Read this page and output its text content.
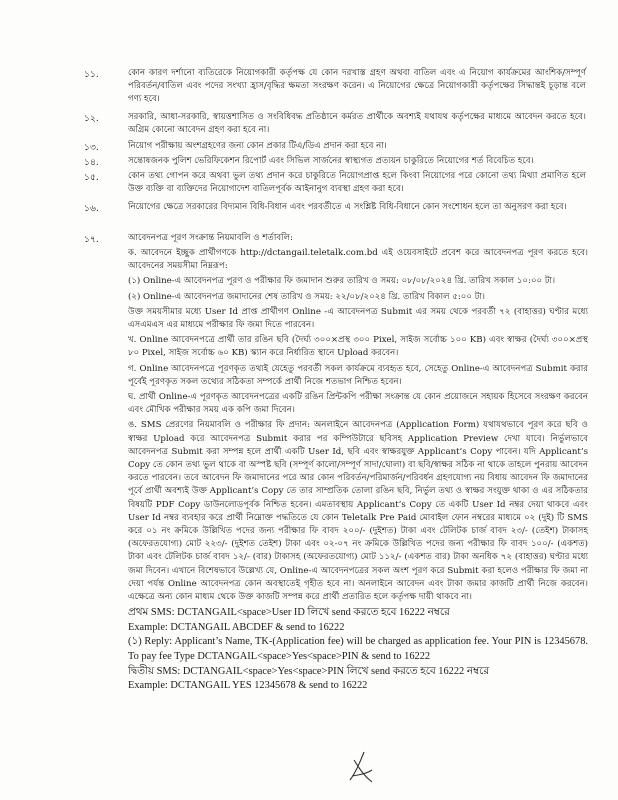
১১.	কোন কারণ দর্শানো ব্যতিরেকে নিয়োগকারী কর্তৃপক্ষ যে কোন দরখাস্ত গ্রহণ অথবা বাতিল এবং এ নিয়োগ কার্যক্রমের আংশিক/সম্পূর্ণ পরিবর্তন/বাতিল এবং পদের সংখ্যা হ্রাস/বৃদ্ধির ক্ষমতা সংরক্ষণ করেন। এ নিয়োগের ক্ষেত্রে নিয়োগকারী কর্তৃপক্ষের সিদ্ধান্তই চূড়ান্ত বলে গণ্য হবে।
১২.	সরকারি, আধা-সরকারি, স্বায়ত্তশাসিত ও সংবিধিবদ্ধ প্রতিষ্ঠানে কর্মরত প্রার্থীকে অবশ্যই যথাযথ কর্তৃপক্ষের মাধ্যমে আবেদন করতে হবে। অগ্রিম কোনো আবেদন গ্রহণ করা হবে না।
১৩.	নিয়োগ পরীক্ষায় অংশগ্রহণের জন্য কোন প্রকার টিএ/ডিএ প্রদান করা হবে না।
১৪.	সন্তোষজনক পুলিশ ভেরিফিকেশন রিপোর্ট এবং সিভিল সার্জনের স্বাস্থ্যগত প্রত্যয়ন চাকুরিতে নিয়োগের শর্ত বিবেচিত হবে।
১৫.	কোন তথ্য গোপন করে অথবা ভুল তথ্য প্রদান করে চাকুরিতে নিয়োগপ্রাপ্ত হলে কিংবা নিয়োগের পরে কোনো তথ্য মিথ্যা প্রমাণিত হলে উক্ত ব্যক্তি বা ব্যক্তিদের নিয়োগাদেশ বাতিলপূর্বক আইনানুগ ব্যবস্থা গ্রহণ করা হবে।
১৬.	নিয়োগের ক্ষেত্রে সরকারের বিদ্যমান বিধি-বিধান এবং পরবর্তীতে এ সংশ্লিষ্ট বিধি-বিধানে কোন সংশোধন হলে তা অনুসরণ করা হবে।
১৭.	আবেদনপত্র পূরণ সংক্রান্ত নিয়মাবলি ও শর্তাবলি:

ক. আবেদনে ইচ্ছুক প্রার্থীগণকে http://dctangail.teletalk.com.bd এই ওয়েবসাইটে প্রবেশ করে আবেদনপত্র পূরণ করতে হবে। আবেদনের সময়সীমা নিম্নরূপ:

(১) Online-এ আবেদনপত্র পূরণ ও পরীক্ষার ফি জমাদান শুরুর তারিখ ও সময়: ০৮/০৮/২০২৪ খ্রি. তারিখ সকাল ১০:০০ টা।

(২) Online-এ আবেদনপত্র জমাদানের শেষ তারিখ ও সময়: ২২/০৮/২০২৪ খ্রি. তারিখ বিকাল ৫:০০ টা।

উক্ত সময়সীমার মধ্যে User Id প্রাপ্ত প্রার্থীগণ Online -এ আবেদনপত্র Submit এর সময় থেকে পরবর্তী ৭২ (বাহাত্তর) ঘণ্টার মধ্যে এসএমএস এর মাধ্যমে পরীক্ষার ফি জমা দিতে পারবেন।

খ. Online আবেদনপত্রে প্রার্থী তার রঙিন ছবি (দৈর্ঘ্য ৩০০×প্রস্থ ৩০০ Pixel, সাইজ সর্বোচ্চ ১০০ KB) এবং স্বাক্ষর (দৈর্ঘ্য ৩০০×প্রস্থ ৮০ Pixel, সাইজ সর্বোচ্চ ৬০ KB) স্ক্যান করে নির্ধারিত স্থানে Upload করবেন।

গ. Online আবেদনপত্রে পূরণকৃত তথ্যই যেহেতু পরবর্তী সকল কার্যক্রমে ব্যবহৃত হবে, সেহেতু Online-এ আবেদনপত্র Submit করার পূর্বেই পূরণকৃত সকল তথ্যের সঠিকতা সম্পর্কে প্রার্থী নিজে শতভাগ নিশ্চিত হবেন।

ঘ. প্রার্থী Online-এ পূরণকৃত আবেদনপত্রের একটি রঙিন প্রিন্টকপি পরীক্ষা সংক্রান্ত যে কোন প্রয়োজনে সহায়ক হিসেবে সংরক্ষণ করবেন এবং মৌখিক পরীক্ষার সময় এক কপি জমা দিবেন।

ঙ. SMS প্রেরণের নিয়মাবলি ও পরীক্ষার ফি প্রদান: অনলাইনে আবেদনপত্র (Application Form) যথাযথভাবে পূরণ করে ছবি ও স্বাক্ষর Upload করে আবেদনপত্র Submit করার পর কম্পিউটারে ছবিসহ Application Preview দেখা যাবে। নির্ভুলভাবে আবেদনপত্র Submit করা সম্পন্ন হলে প্রার্থী একটি User Id, ছবি এবং স্বাক্ষরযুক্ত Applicant’s Copy পাবেন। যদি Applicant’s Copy তে কোন তথ্য ভুল থাকে বা অস্পষ্ট ছবি (সম্পূর্ণ কালো/সম্পূর্ণ সাদা/ঘোলা) বা ছবি/স্বাক্ষর সঠিক না থাকে তাহলে পুনরায় আবেদন করতে পারবেন। তবে আবেদন ফি জমাদানের পরে আর কোন পরিবর্তন/পরিমার্জন/পরিবর্ধন গ্রহণযোগ্য নয় বিধায় আবেদন ফি জমাদানের পূর্বে প্রার্থী অবশ্যই উক্ত Applicant’s Copy তে তার সাম্প্রতিক তোলা রঙিন ছবি, নির্ভুল তথ্য ও স্বাক্ষর সংযুক্ত থাকা ও এর সঠিকতার বিষয়টি PDF Copy ডাউনলোডপূর্বক নিশ্চিত হবেন। এমতাবস্থায় Applicant’s Copy তে একটি User Id নম্বর দেয়া থাকবে এবং User Id নম্বর ব্যবহার করে প্রার্থী নিম্নোক্ত পদ্ধতিতে যে কোন Teletalk Pre Paid মোবাইল ফোন নম্বরের মাধ্যমে ০২ (দুই) টি SMS করে ০১ নং ক্রমিকে উল্লিখিত পদের জন্য পরীক্ষার ফি বাবদ ২০০/- (দুইশত) টাকা এবং টেলিটক চার্জ বাবদ ২৩/- (তেইশ) টাকাসহ (অফেরতযোগ্য) মোট ২২৩/- (দুইশত তেইশ) টাকা এবং ০২-০৭ নং ক্রমিকে উল্লিখিত পদের জন্য পরীক্ষার ফি বাবদ ১০০/- (একশত) টাকা এবং টেলিটক চার্জ বাবদ ১২/- (বার) টাকাসহ (অফেরতযোগ্য) মোট ১১২/- (একশত বার) টাকা অনধিক ৭২ (বাহাত্তর) ঘণ্টার মধ্যে জমা দিবেন। এখানে বিশেষভাবে উল্লেখ্য যে, Online-এ আবেদনপত্রের সকল অংশ পূরণ করে Submit করা হলেও পরীক্ষার ফি জমা না দেয়া পর্যন্ত Online আবেদনপত্র কোন অবস্থাতেই গৃহীত হবে না। অনলাইনে আবেদন এবং টাকা জমার কাজটি প্রার্থী নিজে করবেন। এক্ষেত্রে অন্য কোন মাধ্যম থেকে উক্ত কাজটি সম্পন্ন করে প্রার্থী প্রতারিত হলে কর্তৃপক্ষ দায়ী থাকবে না।

প্রথম SMS: DCTANGAIL<space>User ID লিখে send করতে হবে 16222 নম্বরে

Example: DCTANGAIL ABCDEF & send to 16222

(১) Reply: Applicant’s Name, TK-(Application fee) will be charged as application fee. Your PIN is 12345678. To pay fee Type DCTANGAIL<space>Yes<space>PIN & send to 16222

দ্বিতীয় SMS: DCTANGAIL<space>Yes<space>PIN লিখে send করতে হবে 16222 নম্বরে

Example: DCTANGAIL YES 12345678 & send to 16222
